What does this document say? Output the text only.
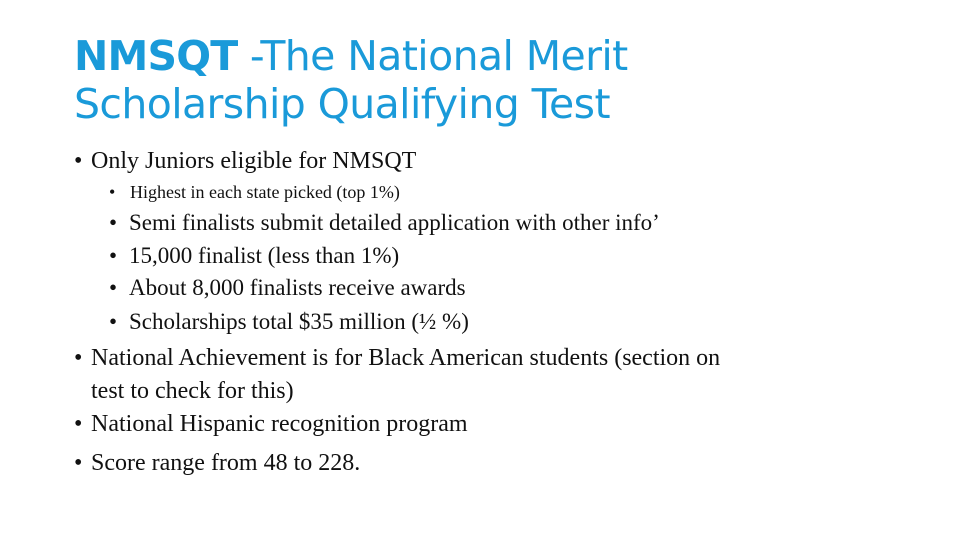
NMSQT -The National Merit
Scholarship Qualifying Test
• Only Juniors eligible for NMSQT
• Highest in each state picked (top 1%)
• Semi finalists submit detailed application with other info’
• 15,000 finalist (less than 1%)
• About 8,000 finalists receive awards
• Scholarships total $35 million (½ %)
• National Achievement is for Black American students (section on
test to check for this)
• National Hispanic recognition program
• Score range from 48 to 228.
